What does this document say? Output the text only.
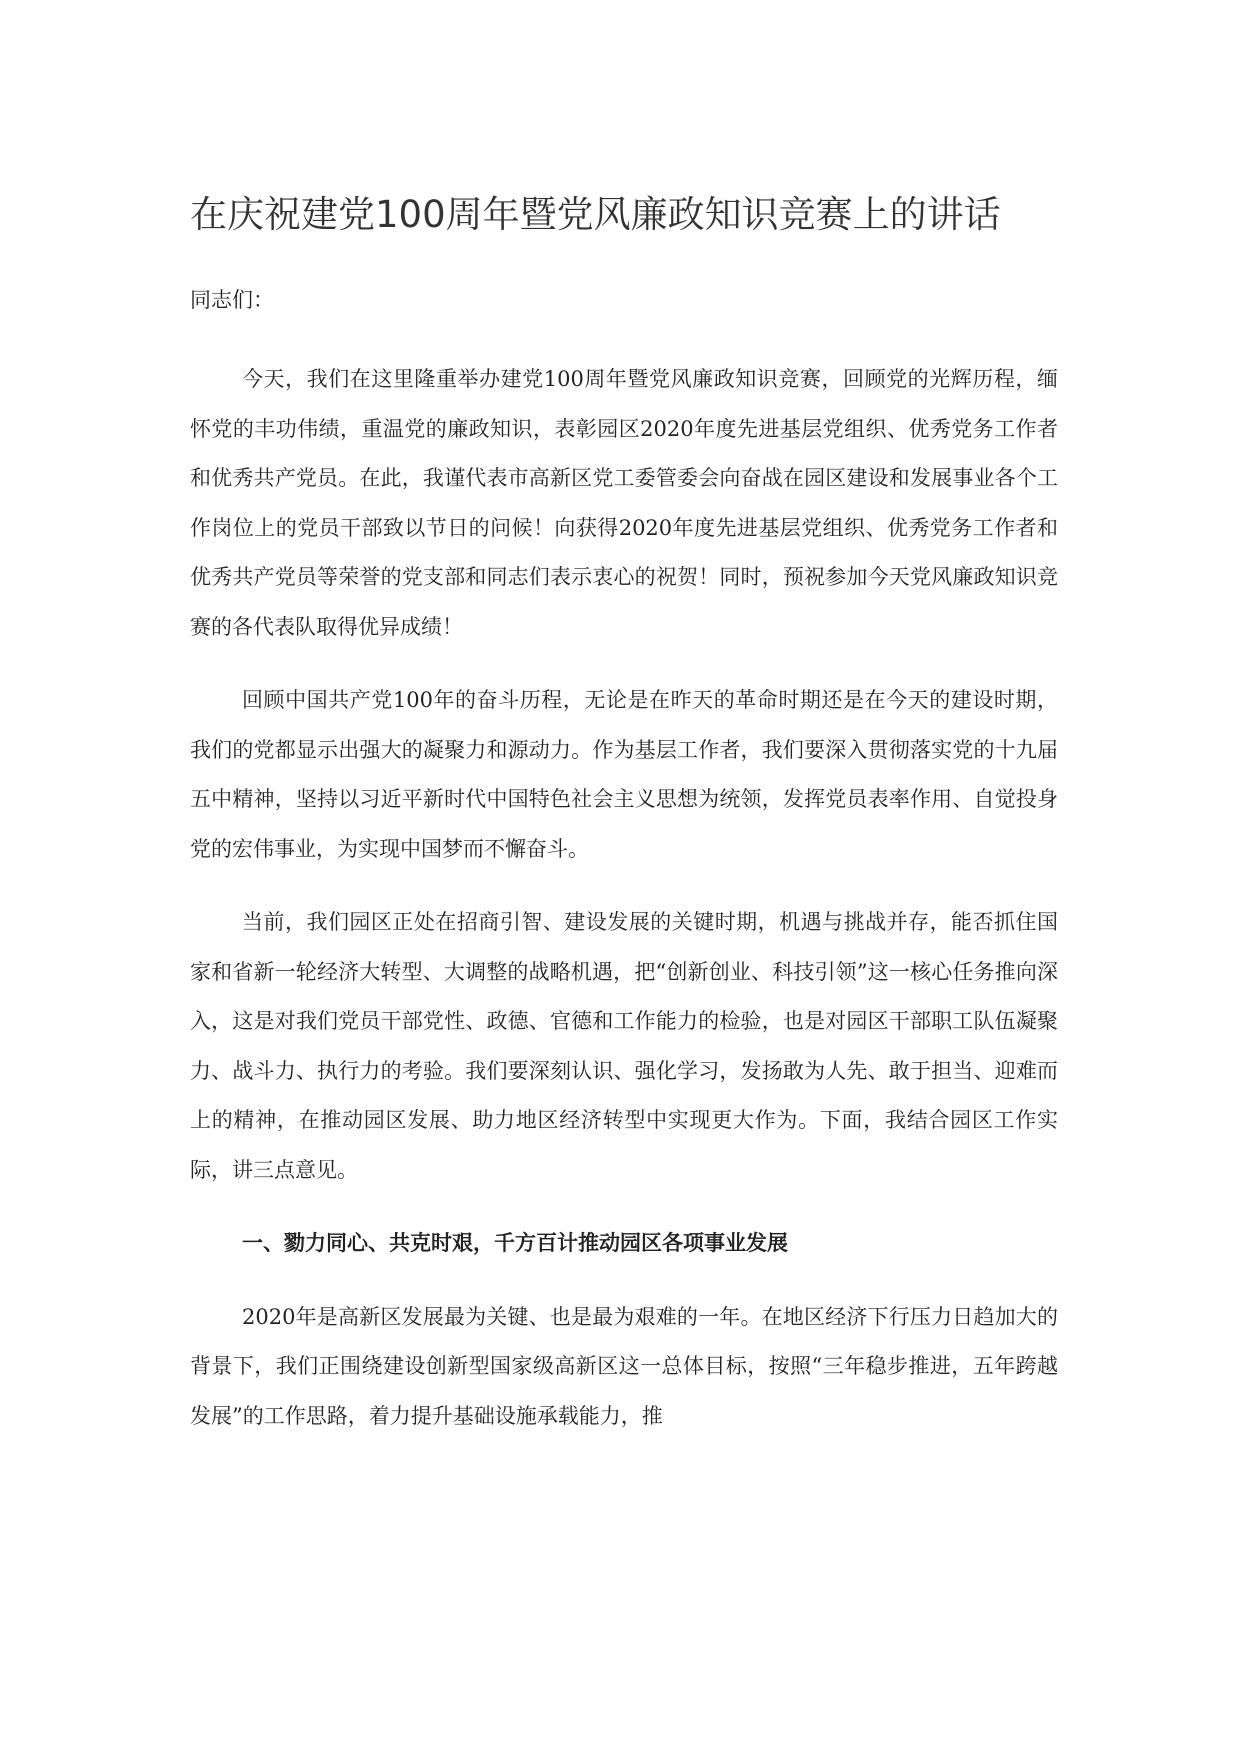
在庆祝建党100周年暨党风廉政知识竞赛上的讲话

同志们：

今天，我们在这里隆重举办建党100周年暨党风廉政知识竞赛，回顾党的光辉历程，缅怀党的丰功伟绩，重温党的廉政知识，表彰园区2020年度先进基层党组织、优秀党务工作者和优秀共产党员。在此，我谨代表市高新区党工委管委会向奋战在园区建设和发展事业各个工作岗位上的党员干部致以节日的问候！向获得2020年度先进基层党组织、优秀党务工作者和优秀共产党员等荣誉的党支部和同志们表示衷心的祝贺！同时，预祝参加今天党风廉政知识竞赛的各代表队取得优异成绩！

回顾中国共产党100年的奋斗历程，无论是在昨天的革命时期还是在今天的建设时期，我们的党都显示出强大的凝聚力和源动力。作为基层工作者，我们要深入贯彻落实党的十九届五中精神，坚持以习近平新时代中国特色社会主义思想为统领，发挥党员表率作用、自觉投身党的宏伟事业，为实现中国梦而不懈奋斗。

当前，我们园区正处在招商引智、建设发展的关键时期，机遇与挑战并存，能否抓住国家和省新一轮经济大转型、大调整的战略机遇，把“创新创业、科技引领”这一核心任务推向深入，这是对我们党员干部党性、政德、官德和工作能力的检验，也是对园区干部职工队伍凝聚力、战斗力、执行力的考验。我们要深刻认识、强化学习，发扬敢为人先、敢于担当、迎难而上的精神，在推动园区发展、助力地区经济转型中实现更大作为。下面，我结合园区工作实际，讲三点意见。

一、勠力同心、共克时艰，千方百计推动园区各项事业发展

2020年是高新区发展最为关键、也是最为艰难的一年。在地区经济下行压力日趋加大的背景下，我们正围绕建设创新型国家级高新区这一总体目标，按照“三年稳步推进，五年跨越发展”的工作思路，着力提升基础设施承载能力，推
